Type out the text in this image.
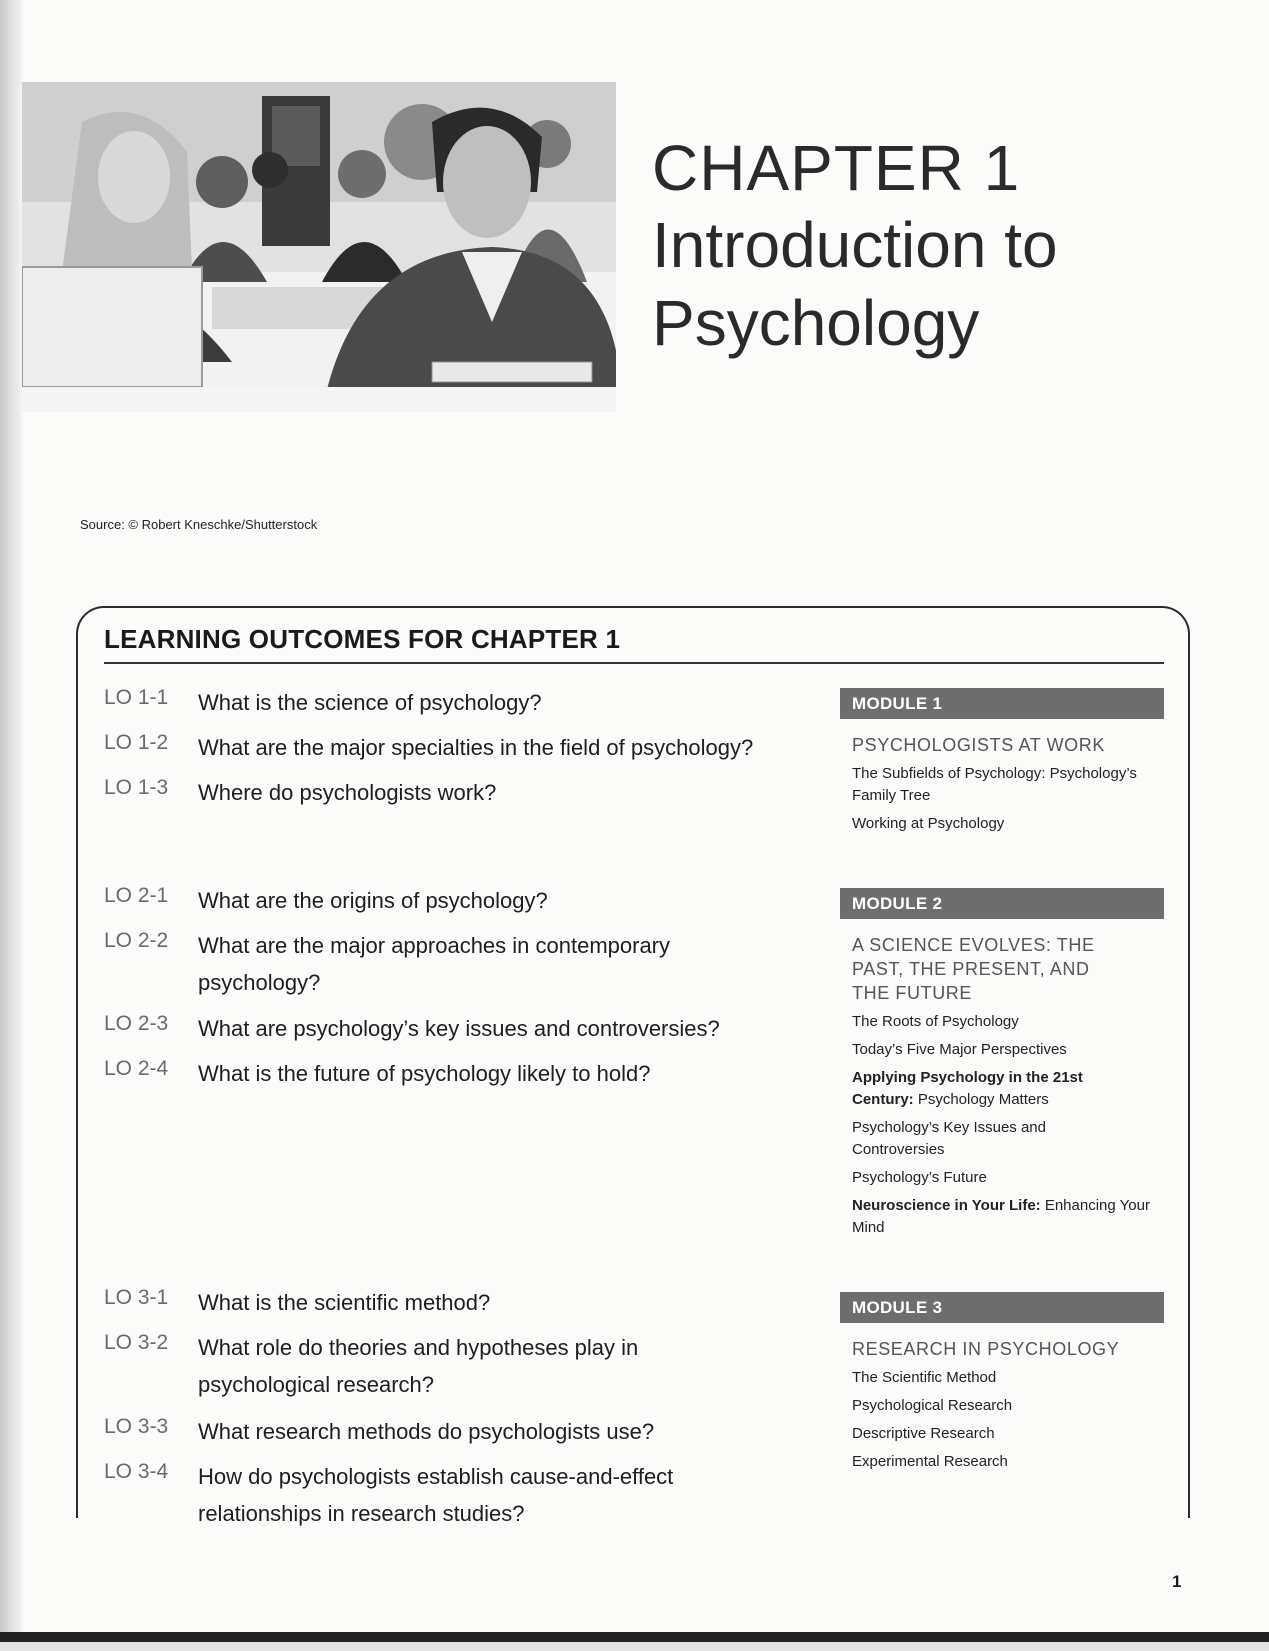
CHAPTER 1
Introduction to
Psychology
Source: © Robert Kneschke/Shutterstock
LEARNING OUTCOMES FOR CHAPTER 1
LO 1-1 What is the science of psychology?
LO 1-2 What are the major specialties in the field of psychology?
LO 1-3 Where do psychologists work?
LO 2-1 What are the origins of psychology?
LO 2-2 What are the major approaches in contemporary psychology?
LO 2-3 What are psychology’s key issues and controversies?
LO 2-4 What is the future of psychology likely to hold?
LO 3-1 What is the scientific method?
LO 3-2 What role do theories and hypotheses play in psychological research?
LO 3-3 What research methods do psychologists use?
LO 3-4 How do psychologists establish cause-and-effect relationships in research studies?
MODULE 1
PSYCHOLOGISTS AT WORK
The Subfields of Psychology: Psychology’s Family Tree
Working at Psychology
MODULE 2
A SCIENCE EVOLVES: THE PAST, THE PRESENT, AND THE FUTURE
The Roots of Psychology
Today’s Five Major Perspectives
Applying Psychology in the 21st Century: Psychology Matters
Psychology’s Key Issues and Controversies
Psychology’s Future
Neuroscience in Your Life: Enhancing Your Mind
MODULE 3
RESEARCH IN PSYCHOLOGY
The Scientific Method
Psychological Research
Descriptive Research
Experimental Research
1
